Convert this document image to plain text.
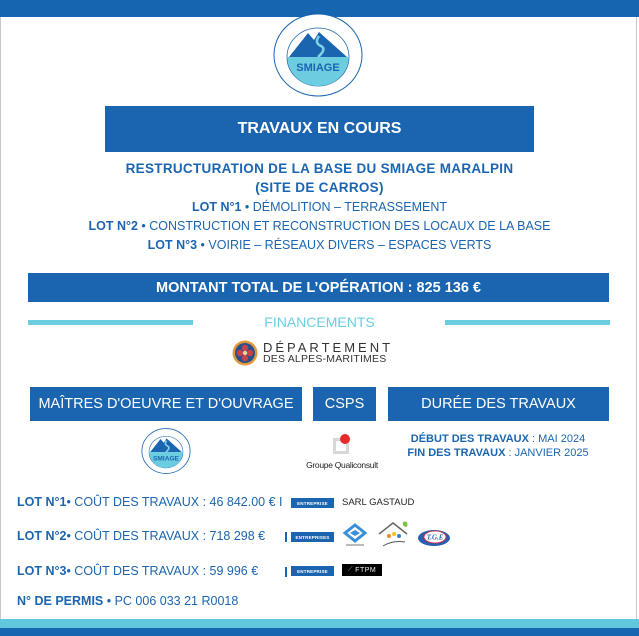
SMIAGE
TRAVAUX EN COURS
RESTRUCTURATION DE LA BASE DU SMIAGE MARALPIN
(SITE DE CARROS)
LOT N°1 • DÉMOLITION – TERRASSEMENT
LOT N°2 • CONSTRUCTION ET RECONSTRUCTION DES LOCAUX DE LA BASE
LOT N°3 • VOIRIE – RÉSEAUX DIVERS – ESPACES VERTS
MONTANT TOTAL DE L’OPÉRATION : 825 136 €
FINANCEMENTS
DÉPARTEMENT
DES ALPES-MARITIMES
MAÎTRES D'OEUVRE ET D'OUVRAGE	CSPS	DURÉE DES TRAVAUX
SMIAGE
Groupe Qualiconsult
DÉBUT DES TRAVAUX : MAI 2024
FIN DES TRAVAUX : JANVIER 2025
LOT N°1 • COÛT DES TRAVAUX : 46 842.00 € I	ENTREPRISE	SARL GASTAUD
LOT N°2 • COÛT DES TRAVAUX : 718 298 €	ENTREPRISES	T.G.E
LOT N°3 • COÛT DES TRAVAUX : 59 996 €	ENTREPRISE	⟋ FTPM
N° DE PERMIS • PC 006 033 21 R0018
